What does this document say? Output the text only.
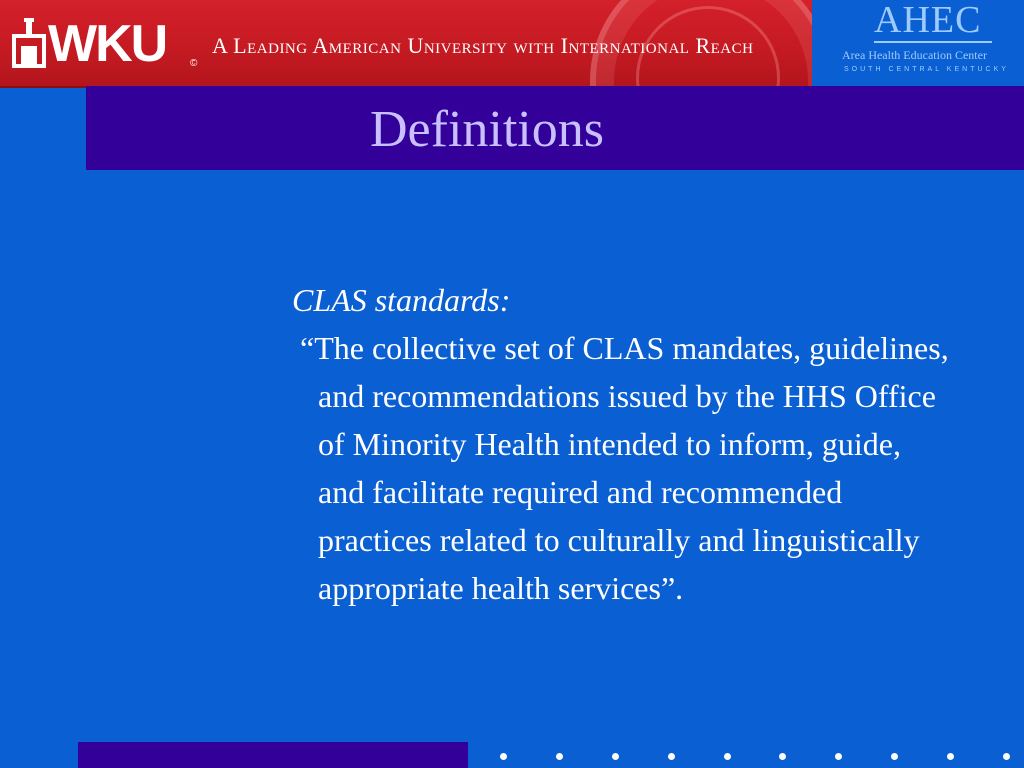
WKU ©
A Leading American University with International Reach
AHEC
Area Health Education Center
SOUTH CENTRAL KENTUCKY
Definitions
CLAS standards:
“The collective set of CLAS mandates, guidelines, and recommendations issued by the HHS Office of Minority Health intended to inform, guide, and facilitate required and recommended practices related to culturally and linguistically appropriate health services”.
